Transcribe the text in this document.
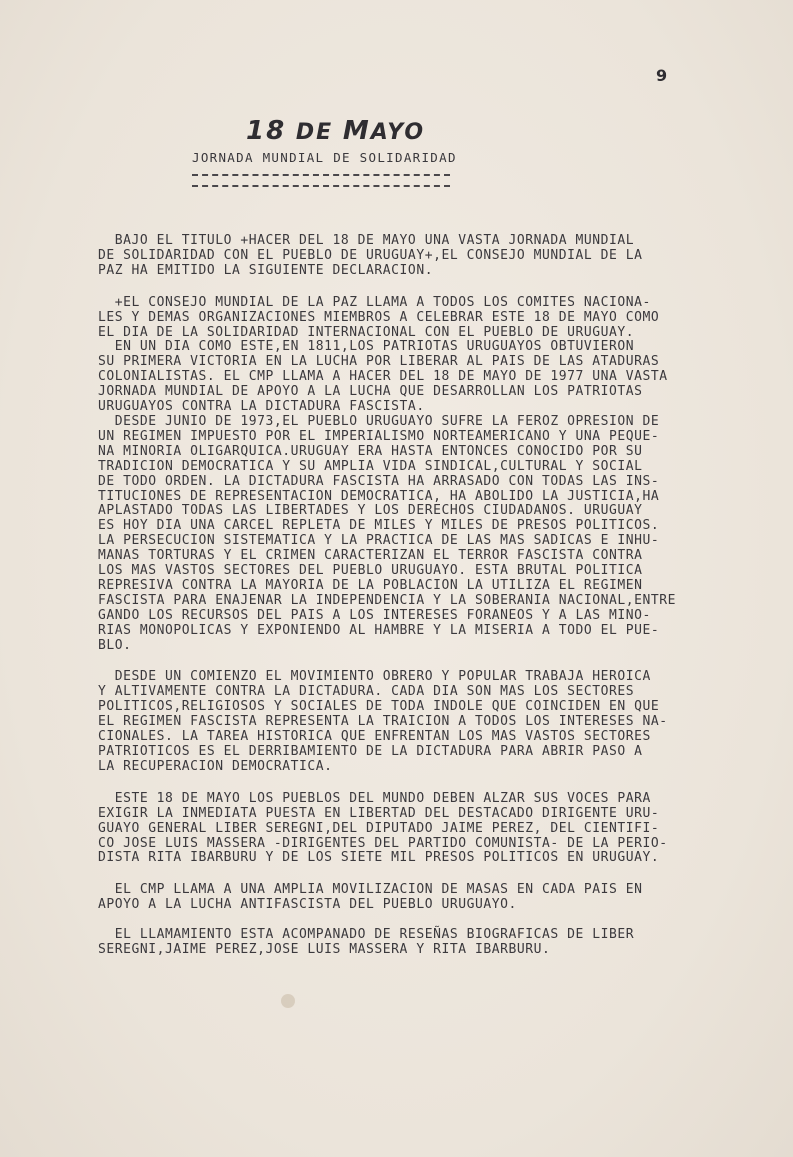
9
18 DE MAYO
JORNADA MUNDIAL DE SOLIDARIDAD

BAJO EL TITULO +HACER DEL 18 DE MAYO UNA VASTA JORNADA MUNDIAL

DE SOLIDARIDAD CON EL PUEBLO DE URUGUAY+,EL CONSEJO MUNDIAL DE LA

PAZ HA EMITIDO LA SIGUIENTE DECLARACION.

+EL CONSEJO MUNDIAL DE LA PAZ LLAMA A TODOS LOS COMITES NACIONA-

LES Y DEMAS ORGANIZACIONES MIEMBROS A CELEBRAR ESTE 18 DE MAYO COMO

EL DIA DE LA SOLIDARIDAD INTERNACIONAL CON EL PUEBLO DE URUGUAY.

EN UN DIA COMO ESTE,EN 1811,LOS PATRIOTAS URUGUAYOS OBTUVIERON

SU PRIMERA VICTORIA EN LA LUCHA POR LIBERAR AL PAIS DE LAS ATADURAS

COLONIALISTAS. EL CMP LLAMA A HACER DEL 18 DE MAYO DE 1977 UNA VASTA

JORNADA MUNDIAL DE APOYO A LA LUCHA QUE DESARROLLAN LOS PATRIOTAS

URUGUAYOS CONTRA LA DICTADURA FASCISTA.

DESDE JUNIO DE 1973,EL PUEBLO URUGUAYO SUFRE LA FEROZ OPRESION DE

UN REGIMEN IMPUESTO POR EL IMPERIALISMO NORTEAMERICANO Y UNA PEQUE-

NA MINORIA OLIGARQUICA.URUGUAY ERA HASTA ENTONCES CONOCIDO POR SU

TRADICION DEMOCRATICA Y SU AMPLIA VIDA SINDICAL,CULTURAL Y SOCIAL

DE TODO ORDEN. LA DICTADURA FASCISTA HA ARRASADO CON TODAS LAS INS-

TITUCIONES DE REPRESENTACION DEMOCRATICA, HA ABOLIDO LA JUSTICIA,HA

APLASTADO TODAS LAS LIBERTADES Y LOS DERECHOS CIUDADANOS. URUGUAY

ES HOY DIA UNA CARCEL REPLETA DE MILES Y MILES DE PRESOS POLITICOS.

LA PERSECUCION SISTEMATICA Y LA PRACTICA DE LAS MAS SADICAS E INHU-

MANAS TORTURAS Y EL CRIMEN CARACTERIZAN EL TERROR FASCISTA CONTRA

LOS MAS VASTOS SECTORES DEL PUEBLO URUGUAYO. ESTA BRUTAL POLITICA

REPRESIVA CONTRA LA MAYORIA DE LA POBLACION LA UTILIZA EL REGIMEN

FASCISTA PARA ENAJENAR LA INDEPENDENCIA Y LA SOBERANIA NACIONAL,ENTRE

GANDO LOS RECURSOS DEL PAIS A LOS INTERESES FORANEOS Y A LAS MINO-

RIAS MONOPOLICAS Y EXPONIENDO AL HAMBRE Y LA MISERIA A TODO EL PUE-

BLO.

DESDE UN COMIENZO EL MOVIMIENTO OBRERO Y POPULAR TRABAJA HEROICA

Y ALTIVAMENTE CONTRA LA DICTADURA. CADA DIA SON MAS LOS SECTORES

POLITICOS,RELIGIOSOS Y SOCIALES DE TODA INDOLE QUE COINCIDEN EN QUE

EL REGIMEN FASCISTA REPRESENTA LA TRAICION A TODOS LOS INTERESES NA-

CIONALES. LA TAREA HISTORICA QUE ENFRENTAN LOS MAS VASTOS SECTORES

PATRIOTICOS ES EL DERRIBAMIENTO DE LA DICTADURA PARA ABRIR PASO A

LA RECUPERACION DEMOCRATICA.

ESTE 18 DE MAYO LOS PUEBLOS DEL MUNDO DEBEN ALZAR SUS VOCES PARA

EXIGIR LA INMEDIATA PUESTA EN LIBERTAD DEL DESTACADO DIRIGENTE URU-

GUAYO GENERAL LIBER SEREGNI,DEL DIPUTADO JAIME PEREZ, DEL CIENTIFI-

CO JOSE LUIS MASSERA -DIRIGENTES DEL PARTIDO COMUNISTA- DE LA PERIO-

DISTA RITA IBARBURU Y DE LOS SIETE MIL PRESOS POLITICOS EN URUGUAY.

EL CMP LLAMA A UNA AMPLIA MOVILIZACION DE MASAS EN CADA PAIS EN

APOYO A LA LUCHA ANTIFASCISTA DEL PUEBLO URUGUAYO.

EL LLAMAMIENTO ESTA ACOMPANADO DE RESEÑAS BIOGRAFICAS DE LIBER

SEREGNI,JAIME PEREZ,JOSE LUIS MASSERA Y RITA IBARBURU.
